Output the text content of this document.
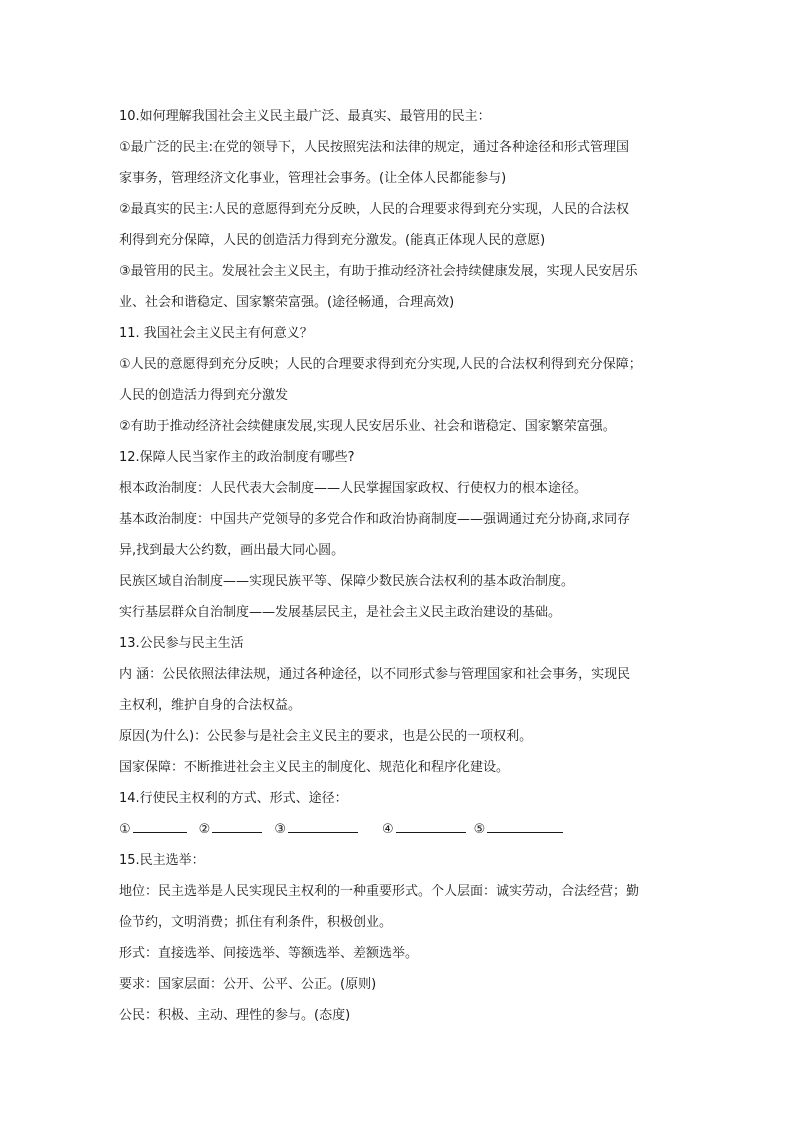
10.如何理解我国社会主义民主最广泛、最真实、最管用的民主：
①最广泛的民主:在党的领导下，人民按照宪法和法律的规定，通过各种途径和形式管理国
家事务，管理经济文化事业，管理社会事务。(让全体人民都能参与)
②最真实的民主:人民的意愿得到充分反映，人民的合理要求得到充分实现，人民的合法权
利得到充分保障，人民的创造活力得到充分激发。(能真正体现人民的意愿)
③最管用的民主。发展社会主义民主，有助于推动经济社会持续健康发展，实现人民安居乐
业、社会和谐稳定、国家繁荣富强。(途径畅通，合理高效)
11. 我国社会主义民主有何意义？
①人民的意愿得到充分反映；人民的合理要求得到充分实现,人民的合法权利得到充分保障；
人民的创造活力得到充分激发
②有助于推动经济社会续健康发展,实现人民安居乐业、社会和谐稳定、国家繁荣富强。
12.保障人民当家作主的政治制度有哪些?
根本政治制度：人民代表大会制度——人民掌握国家政权、行使权力的根本途径。
基本政治制度：中国共产党领导的多党合作和政治协商制度——强调通过充分协商,求同存
异,找到最大公约数，画出最大同心圆。
民族区域自治制度——实现民族平等、保障少数民族合法权利的基本政治制度。
实行基层群众自治制度——发展基层民主，是社会主义民主政治建设的基础。
13.公民参与民主生活
内 涵：公民依照法律法规，通过各种途径，以不同形式参与管理国家和社会事务，实现民
主权利，维护自身的合法权益。
原因(为什么)：公民参与是社会主义民主的要求，也是公民的一项权利。
国家保障：不断推进社会主义民主的制度化、规范化和程序化建设。
14.行使民主权利的方式、形式、途径：
①	②	③	④	⑤
15.民主选举：
地位：民主选举是人民实现民主权利的一种重要形式。个人层面：诚实劳动，合法经营；勤
俭节约，文明消费；抓住有利条件，积极创业。
形式：直接选举、间接选举、等额选举、差额选举。
要求：国家层面：公开、公平、公正。(原则)
公民：积极、主动、理性的参与。(态度)
